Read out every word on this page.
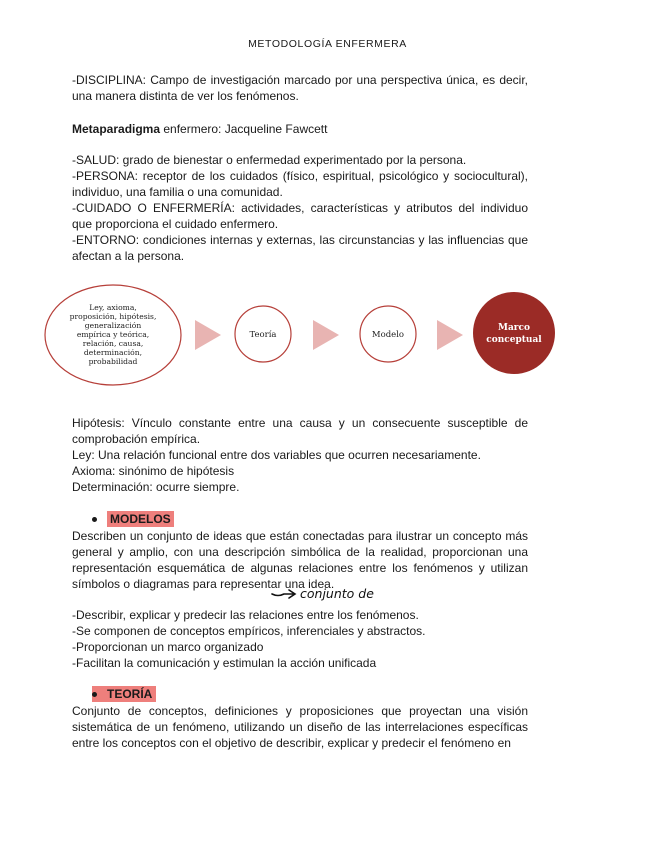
METODOLOGÍA ENFERMERA

-DISCIPLINA: Campo de investigación marcado por una perspectiva única, es decir, una manera distinta de ver los fenómenos.

Metaparadigma enfermero: Jacqueline Fawcett

-SALUD: grado de bienestar o enfermedad experimentado por la persona.

-PERSONA: receptor de los cuidados (físico, espiritual, psicológico y sociocultural), individuo, una familia o una comunidad.

-CUIDADO O ENFERMERÍA: actividades, características y atributos del individuo que proporciona el cuidado enfermero.

-ENTORNO: condiciones internas y externas, las circunstancias y las influencias que afectan a la persona.

Ley, axioma,
proposición, hipótesis,
generalización
empírica y teórica,
relación, causa,
determinación,
probabilidad
Teoría	Modelo
Marco
conceptual

Hipótesis: Vínculo constante entre una causa y un consecuente susceptible de comprobación empírica.

Ley: Una relación funcional entre dos variables que ocurren necesariamente.

Axioma: sinónimo de hipótesis

Determinación: ocurre siempre.

MODELOS

Describen un conjunto de ideas que están conectadas para ilustrar un concepto más general y amplio, con una descripción simbólica de la realidad, proporcionan una representación esquemática de algunas relaciones entre los fenómenos y utilizan símbolos o diagramas para representar una idea.

conjunto de

-Describir, explicar y predecir las relaciones entre los fenómenos.

-Se componen de conceptos empíricos, inferenciales y abstractos.

-Proporcionan un marco organizado

-Facilitan la comunicación y estimulan la acción unificada

TEORÍA

Conjunto de conceptos, definiciones y proposiciones que proyectan una visión sistemática de un fenómeno, utilizando un diseño de las interrelaciones específicas entre los conceptos con el objetivo de describir, explicar y predecir el fenómeno en
